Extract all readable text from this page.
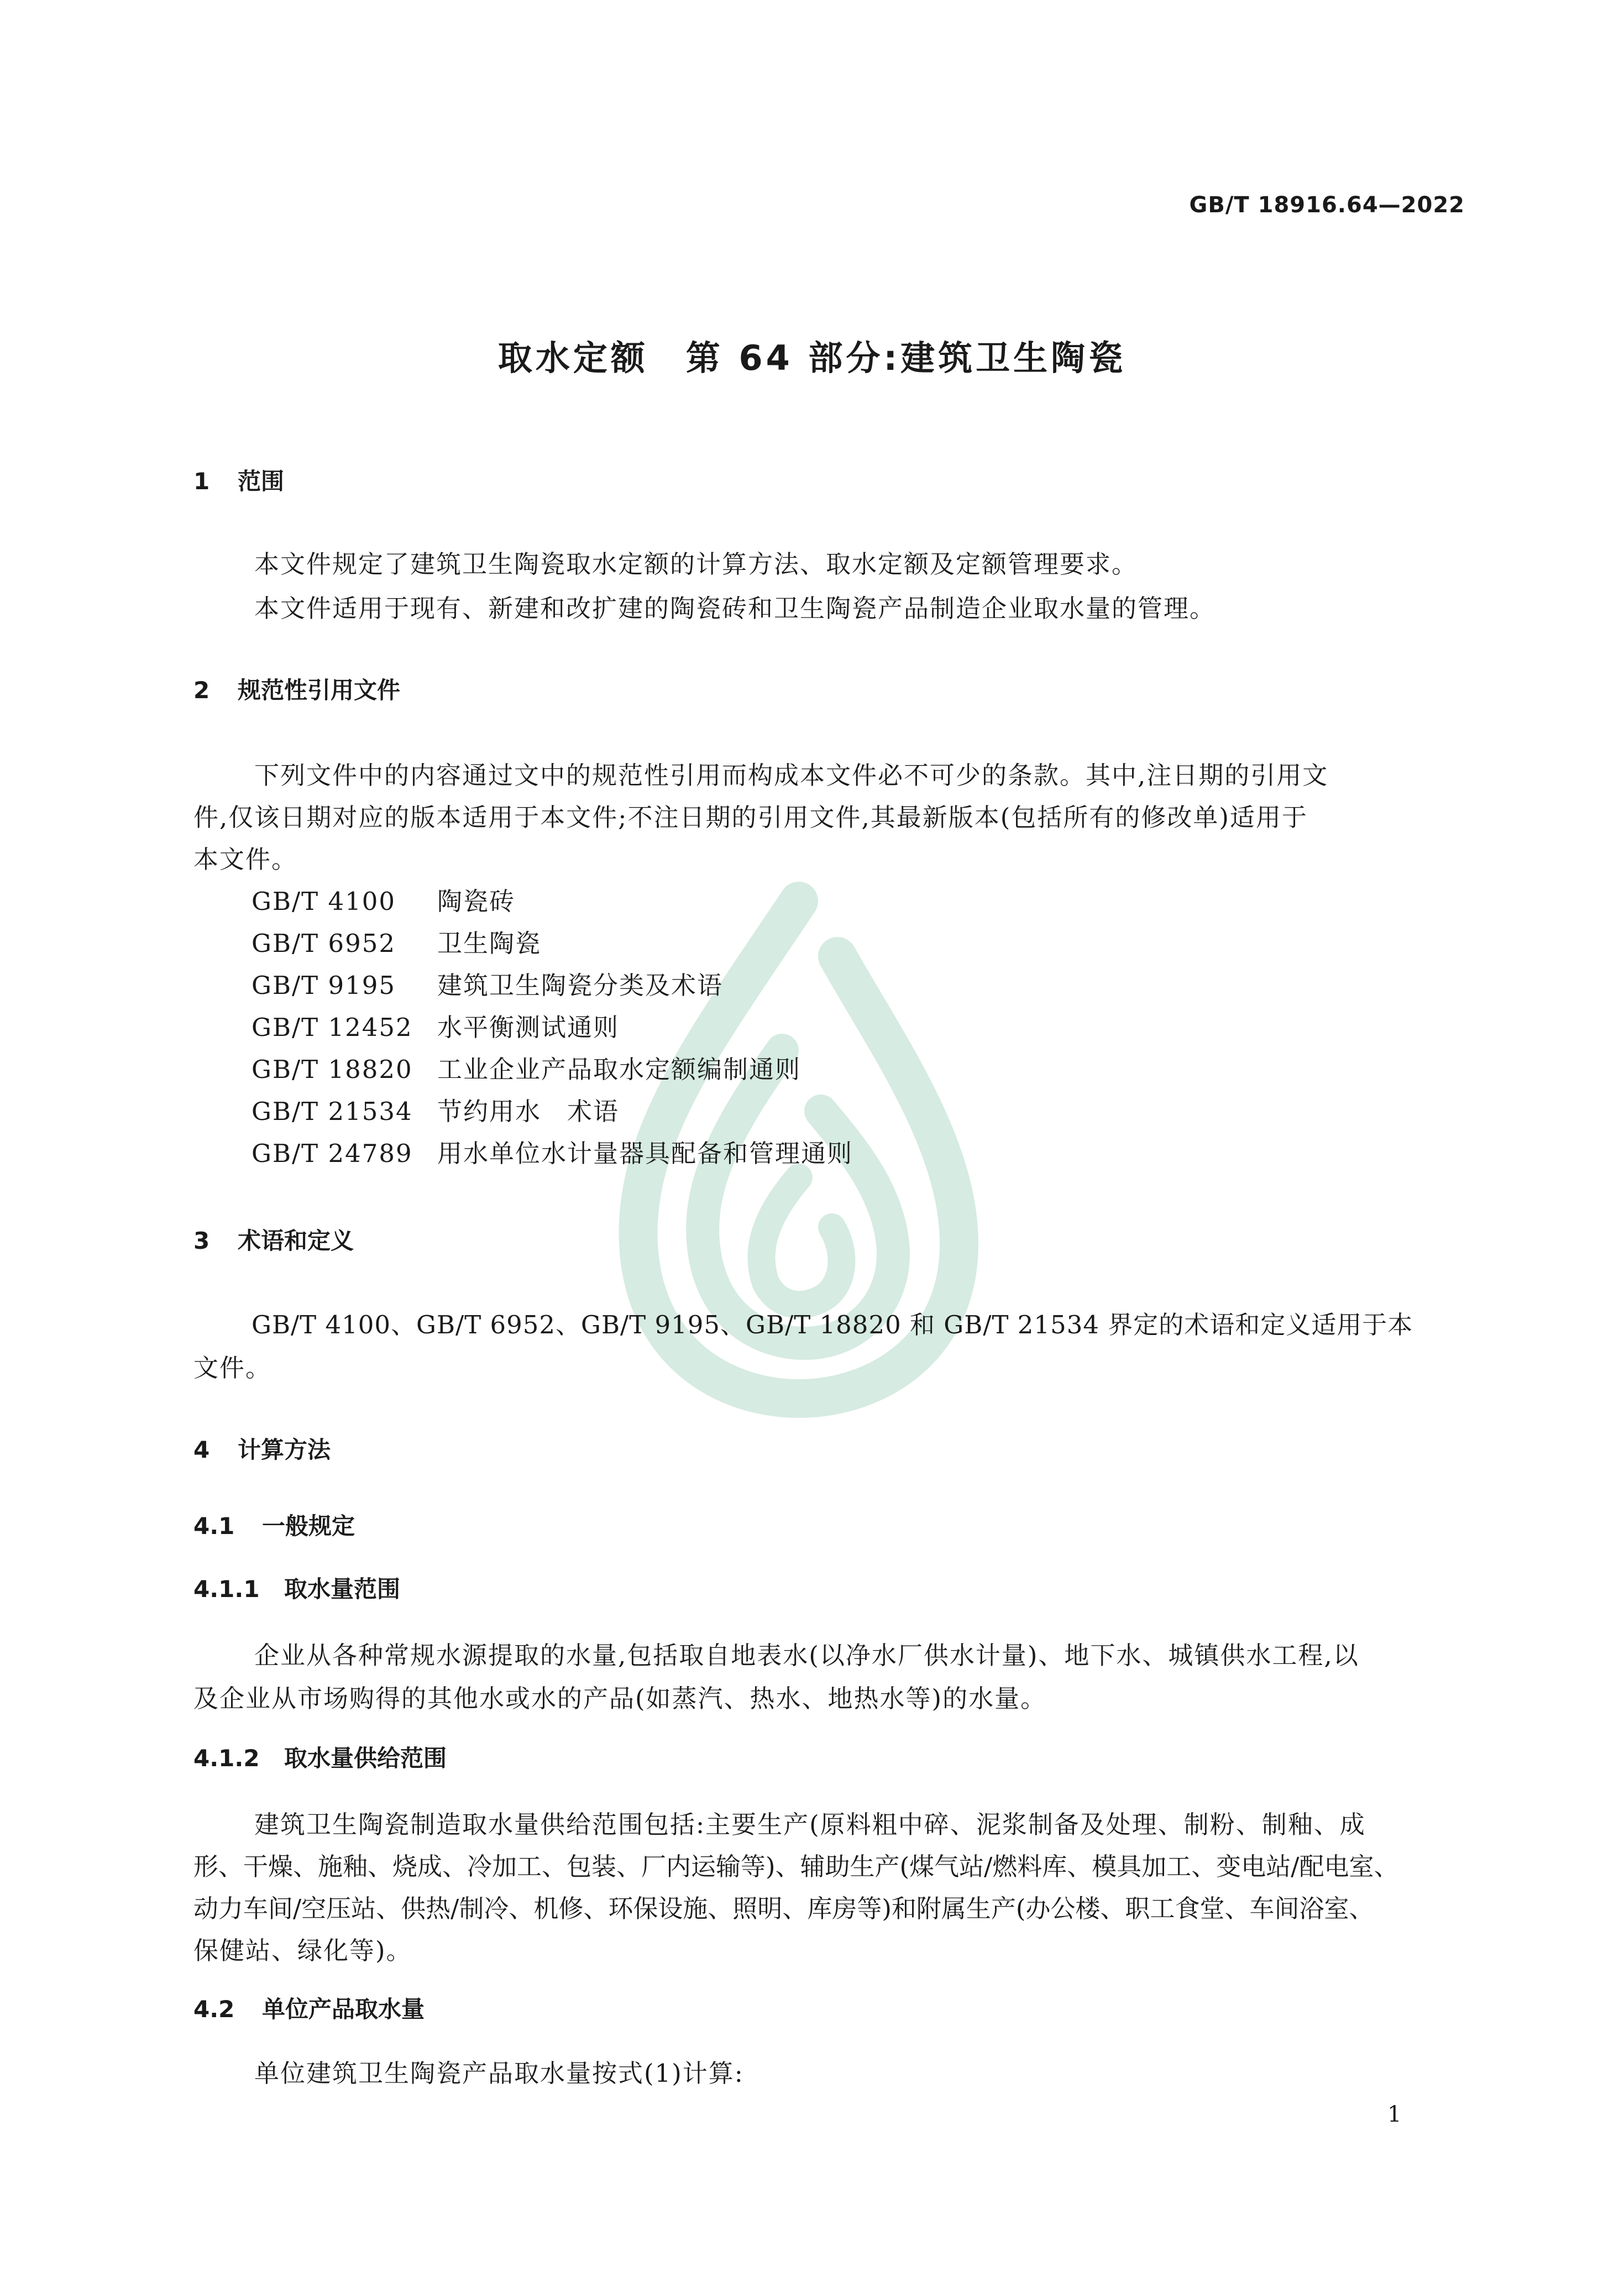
GB/T 18916.64—2022
取水定额　第 64 部分:建筑卫生陶瓷
1 范围
本文件规定了建筑卫生陶瓷取水定额的计算方法、取水定额及定额管理要求。
本文件适用于现有、新建和改扩建的陶瓷砖和卫生陶瓷产品制造企业取水量的管理。
2 规范性引用文件
下列文件中的内容通过文中的规范性引用而构成本文件必不可少的条款。其中,注日期的引用文
件,仅该日期对应的版本适用于本文件;不注日期的引用文件,其最新版本(包括所有的修改单)适用于
本文件。
GB/T 4100 陶瓷砖
GB/T 6952 卫生陶瓷
GB/T 9195 建筑卫生陶瓷分类及术语
GB/T 12452 水平衡测试通则
GB/T 18820 工业企业产品取水定额编制通则
GB/T 21534 节约用水　术语
GB/T 24789 用水单位水计量器具配备和管理通则
3 术语和定义
GB/T 4100、GB/T 6952、GB/T 9195、GB/T 18820 和 GB/T 21534 界定的术语和定义适用于本
文件。
4 计算方法
4.1 一般规定
4.1.1 取水量范围
企业从各种常规水源提取的水量,包括取自地表水(以净水厂供水计量)、地下水、城镇供水工程,以
及企业从市场购得的其他水或水的产品(如蒸汽、热水、地热水等)的水量。
4.1.2 取水量供给范围
建筑卫生陶瓷制造取水量供给范围包括:主要生产(原料粗中碎、泥浆制备及处理、制粉、制釉、成
形、干燥、施釉、烧成、冷加工、包装、厂内运输等)、辅助生产(煤气站/燃料库、模具加工、变电站/配电室、
动力车间/空压站、供热/制冷、机修、环保设施、照明、库房等)和附属生产(办公楼、职工食堂、车间浴室、
保健站、绿化等)。
4.2 单位产品取水量
单位建筑卫生陶瓷产品取水量按式(1)计算:
1
